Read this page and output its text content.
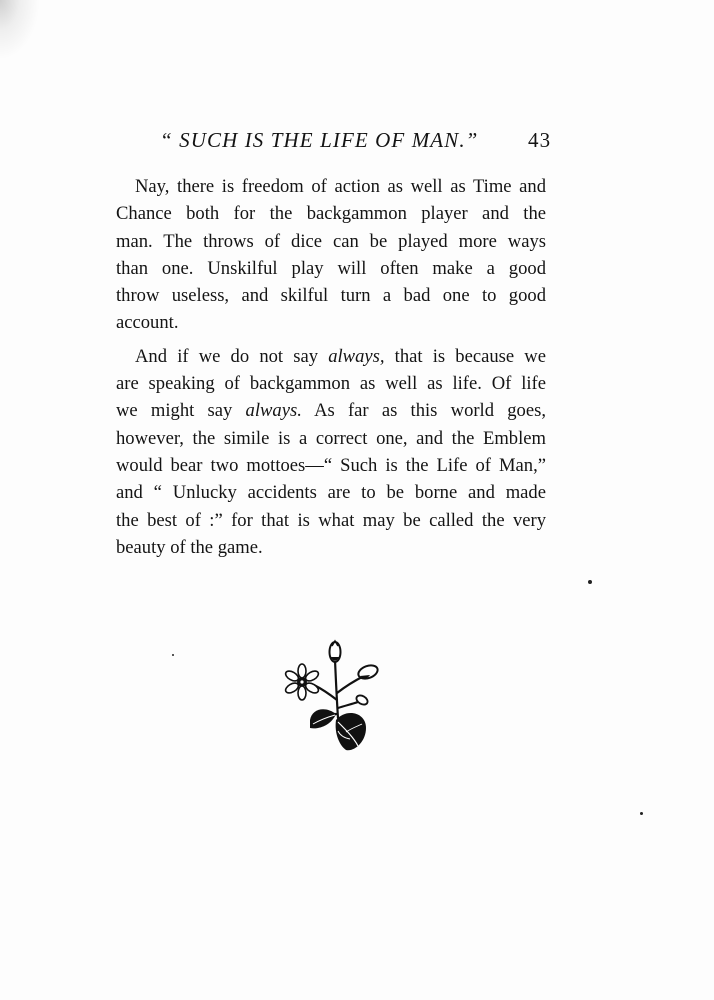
“ SUCH IS THE LIFE OF MAN.” 43

Nay, there is freedom of action as well as Time and
Chance both for the backgammon player and the
man. The throws of dice can be played more ways
than one. Unskilful play will often make a good
throw useless, and skilful turn a bad one to good
account.

And if we do not say always, that is because we
are speaking of backgammon as well as life. Of life
we might say always. As far as this world goes,
however, the simile is a correct one, and the Emblem
would bear two mottoes—“ Such is the Life of Man,”
and “ Unlucky accidents are to be borne and made
the best of :” for that is what may be called the very
beauty of the game.
